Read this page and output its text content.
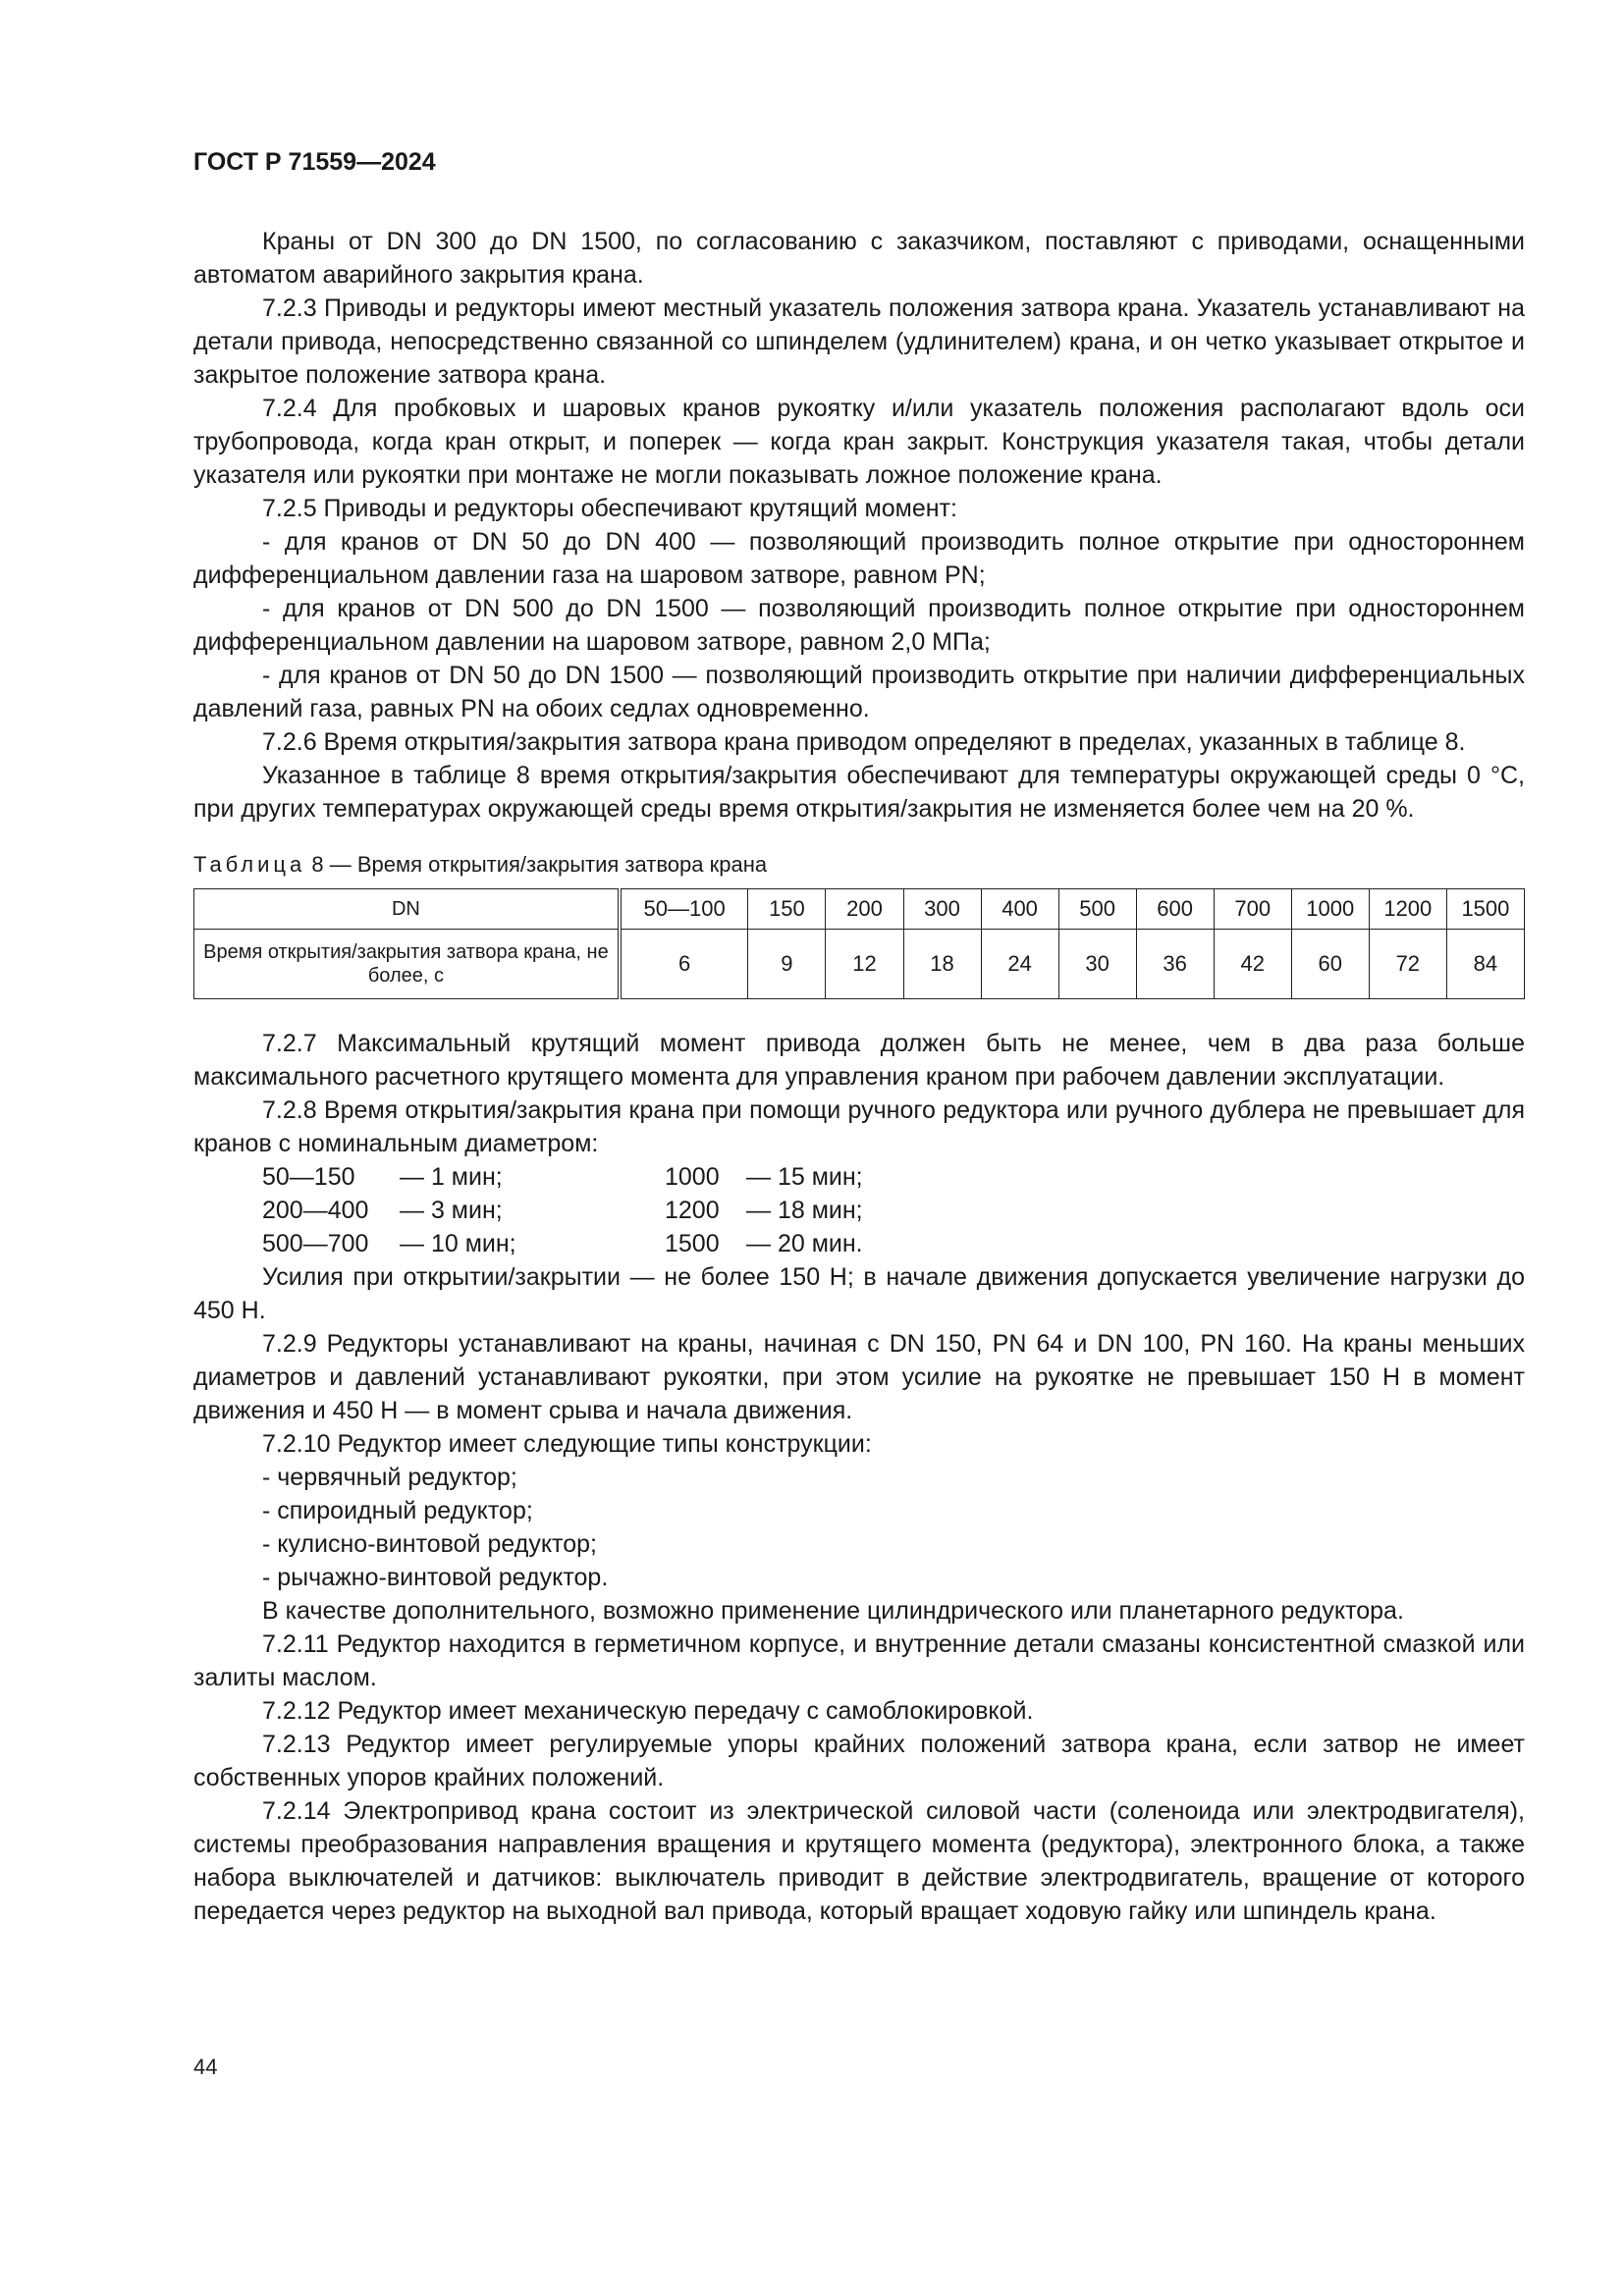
ГОСТ Р 71559—2024

Краны от DN 300 до DN 1500, по согласованию с заказчиком, поставляют с приводами, оснащенными автоматом аварийного закрытия крана.

7.2.3 Приводы и редукторы имеют местный указатель положения затвора крана. Указатель устанавливают на детали привода, непосредственно связанной со шпинделем (удлинителем) крана, и он четко указывает открытое и закрытое положение затвора крана.

7.2.4 Для пробковых и шаровых кранов рукоятку и/или указатель положения располагают вдоль оси трубопровода, когда кран открыт, и поперек — когда кран закрыт. Конструкция указателя такая, чтобы детали указателя или рукоятки при монтаже не могли показывать ложное положение крана.

7.2.5 Приводы и редукторы обеспечивают крутящий момент:

- для кранов от DN 50 до DN 400 — позволяющий производить полное открытие при одностороннем дифференциальном давлении газа на шаровом затворе, равном PN;

- для кранов от DN 500 до DN 1500 — позволяющий производить полное открытие при одностороннем дифференциальном давлении на шаровом затворе, равном 2,0 МПа;

- для кранов от DN 50 до DN 1500 — позволяющий производить открытие при наличии дифференциальных давлений газа, равных PN на обоих седлах одновременно.

7.2.6 Время открытия/закрытия затвора крана приводом определяют в пределах, указанных в таблице 8.

Указанное в таблице 8 время открытия/закрытия обеспечивают для температуры окружающей среды 0 °С, при других температурах окружающей среды время открытия/закрытия не изменяется более чем на 20 %.

Таблица 8 — Время открытия/закрытия затвора крана
DN	50—100	150	200	300	400	500	600	700	1000	1200	1500
Время открытия/закрытия затвора крана, не более, с	6	9	12	18	24	30	36	42	60	72	84

7.2.7 Максимальный крутящий момент привода должен быть не менее, чем в два раза больше максимального расчетного крутящего момента для управления краном при рабочем давлении эксплуатации.

7.2.8 Время открытия/закрытия крана при помощи ручного редуктора или ручного дублера не превышает для кранов с номинальным диаметром:

50—150	— 1 мин;	1000	— 15 мин;
200—400	— 3 мин;	1200	— 18 мин;
500—700	— 10 мин;	1500	— 20 мин.

Усилия при открытии/закрытии — не более 150 Н; в начале движения допускается увеличение нагрузки до 450 Н.

7.2.9 Редукторы устанавливают на краны, начиная с DN 150, PN 64 и DN 100, PN 160. На краны меньших диаметров и давлений устанавливают рукоятки, при этом усилие на рукоятке не превышает 150 Н в момент движения и 450 Н — в момент срыва и начала движения.

7.2.10 Редуктор имеет следующие типы конструкции:

- червячный редуктор;

- спироидный редуктор;

- кулисно-винтовой редуктор;

- рычажно-винтовой редуктор.

В качестве дополнительного, возможно применение цилиндрического или планетарного редуктора.

7.2.11 Редуктор находится в герметичном корпусе, и внутренние детали смазаны консистентной смазкой или залиты маслом.

7.2.12 Редуктор имеет механическую передачу с самоблокировкой.

7.2.13 Редуктор имеет регулируемые упоры крайних положений затвора крана, если затвор не имеет собственных упоров крайних положений.

7.2.14 Электропривод крана состоит из электрической силовой части (соленоида или электродвигателя), системы преобразования направления вращения и крутящего момента (редуктора), электронного блока, а также набора выключателей и датчиков: выключатель приводит в действие электродвигатель, вращение от которого передается через редуктор на выходной вал привода, который вращает ходовую гайку или шпиндель крана.

44
